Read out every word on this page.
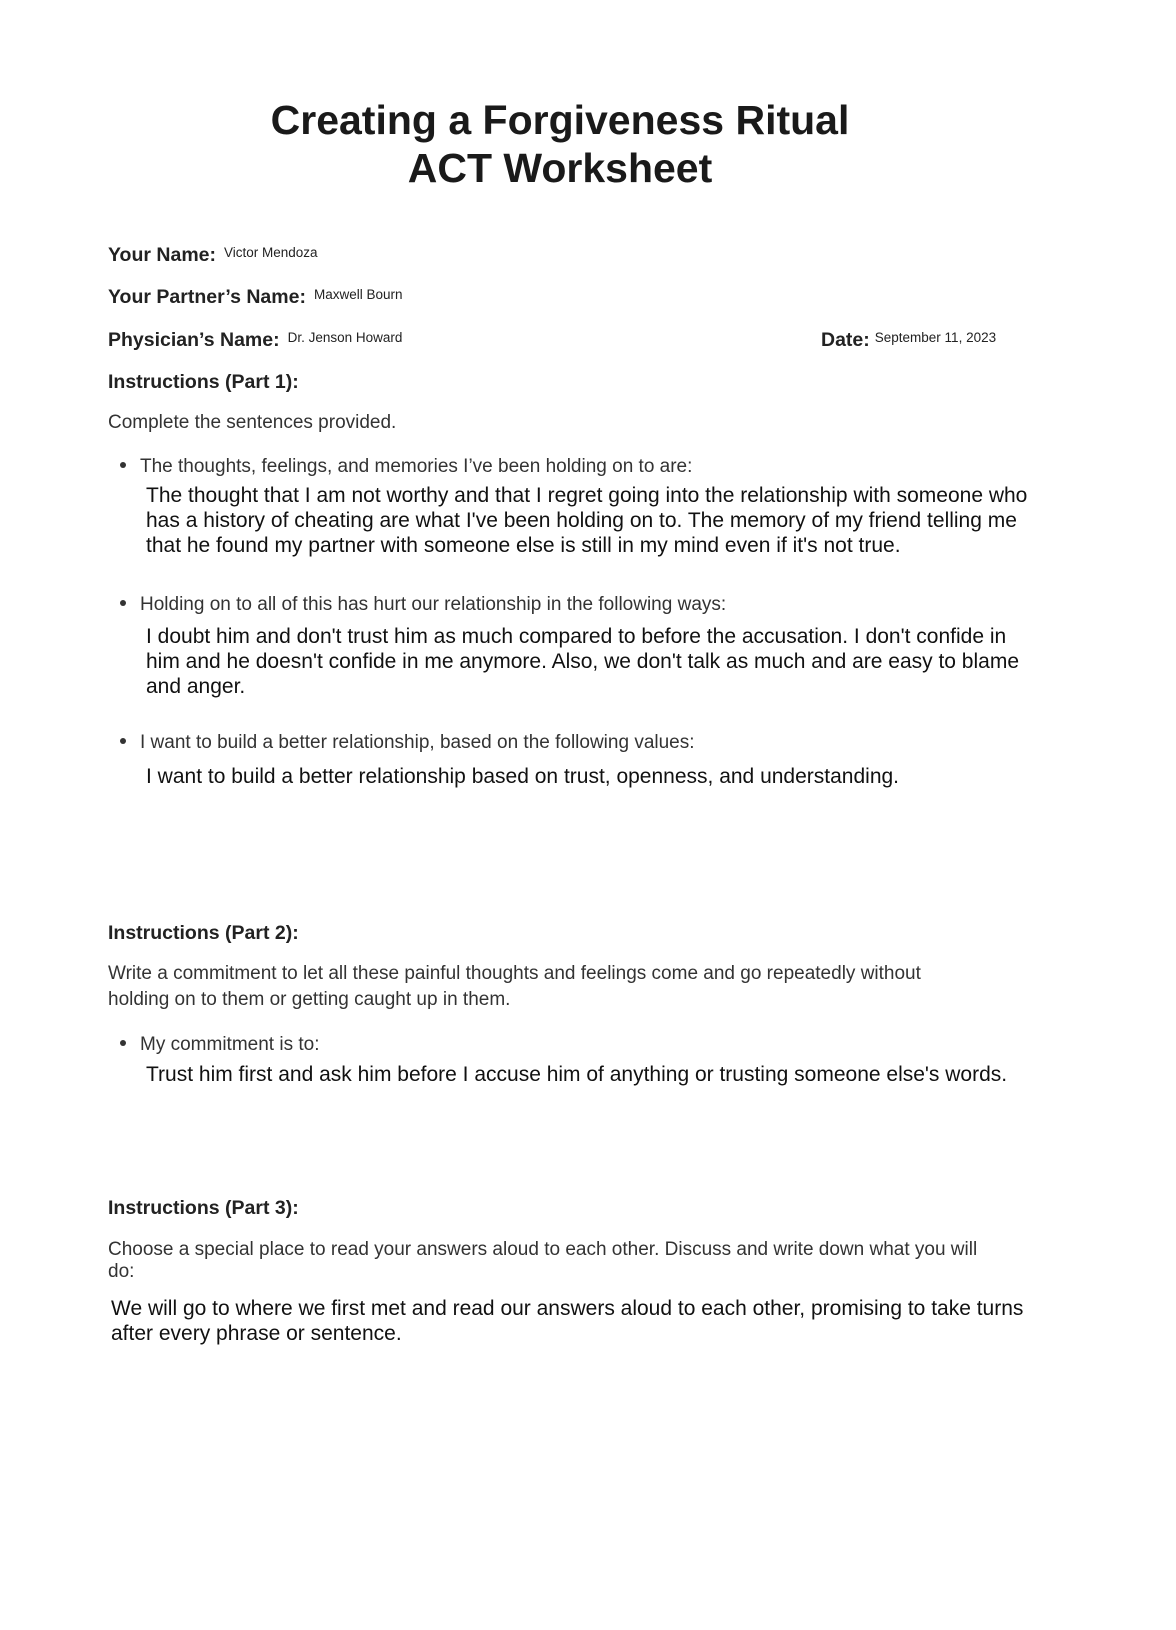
Creating a Forgiveness Ritual ACT Worksheet
Your Name: $^{Victor Mendoza}$
Your Partner’s Name: $^{Maxwell Bourn}$
Physician’s Name: $^{Dr. Jenson Howard}$	Date: $^{September 11, 2023}$
Instructions (Part 1):
Complete the sentences provided.
The thoughts, feelings, and memories I’ve been holding on to are:
The thought that I am not worthy and that I regret going into the relationship with someone who has a history of cheating are what I've been holding on to. The memory of my friend telling me that he found my partner with someone else is still in my mind even if it's not true.
Holding on to all of this has hurt our relationship in the following ways:
I doubt him and don't trust him as much compared to before the accusation. I don't confide in him and he doesn't confide in me anymore. Also, we don't talk as much and are easy to blame and anger.
I want to build a better relationship, based on the following values:
I want to build a better relationship based on trust, openness, and understanding.
Instructions (Part 2):
Write a commitment to let all these painful thoughts and feelings come and go repeatedly without holding on to them or getting caught up in them.
My commitment is to:
Trust him first and ask him before I accuse him of anything or trusting someone else's words.
Instructions (Part 3):
Choose a special place to read your answers aloud to each other. Discuss and write down what you will do:
We will go to where we first met and read our answers aloud to each other, promising to take turns after every phrase or sentence.
